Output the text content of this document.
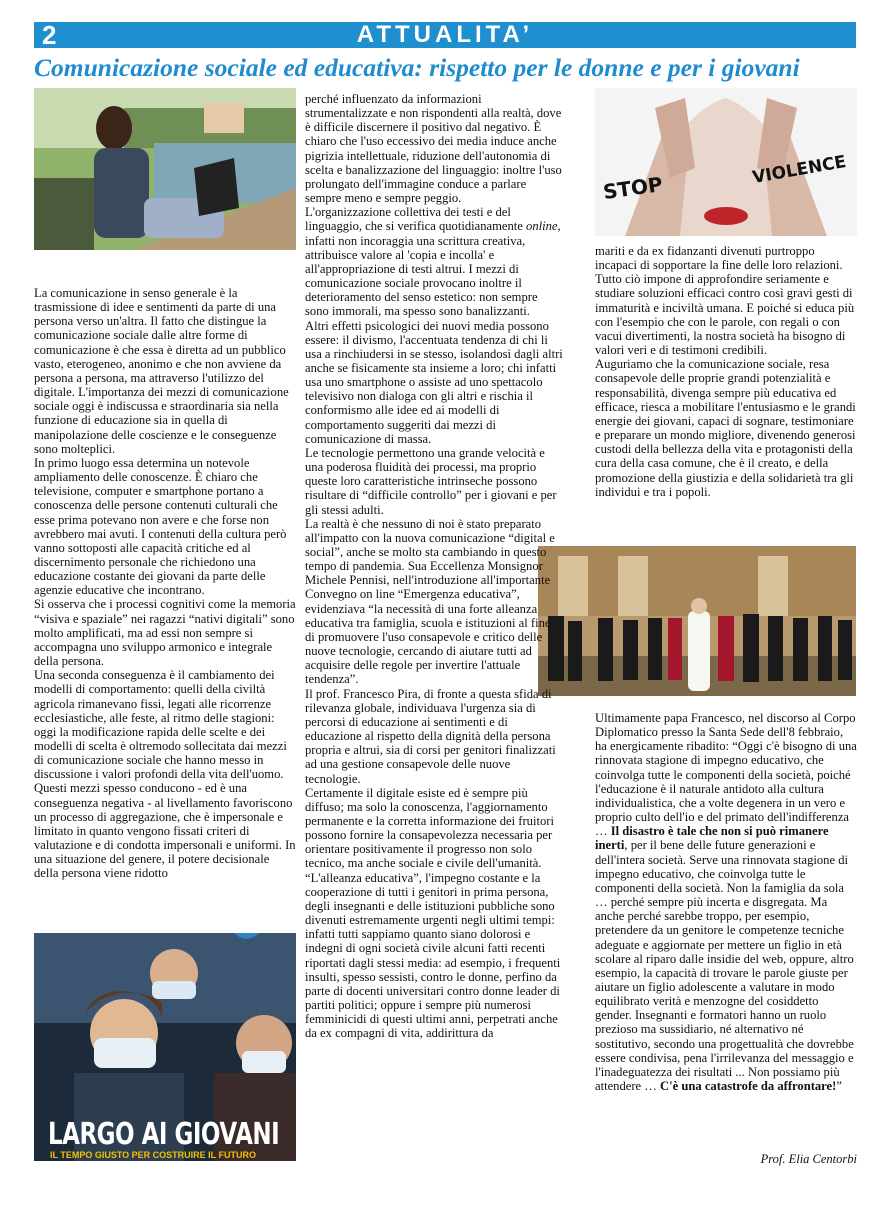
2	ATTUALITA’
Comunicazione sociale ed educativa: rispetto per le donne e per i giovani
STOP	VIOLENCE
LARGO AI GIOVANI
IL TEMPO GIUSTO PER COSTRUIRE IL FUTURO

La comunicazione in senso generale è la trasmissione di idee e sentimenti da parte di una persona verso un'altra. Il fatto che distingue la comunicazione sociale dalle altre forme di comunicazione è che essa è diretta ad un pubblico vasto, eterogeneo, anonimo e che non avviene da persona a persona, ma attraverso l'utilizzo del digitale. L'importanza dei mezzi di comunicazione sociale oggi è indiscussa e straordinaria sia nella funzione di educazione sia in quella di manipolazione delle coscienze e le conseguenze sono molteplici.
In primo luogo essa determina un notevole ampliamento delle conoscenze. È chiaro che televisione, computer e smartphone portano a conoscenza delle persone contenuti culturali che esse prima potevano non avere e che forse non avrebbero mai avuti. I contenuti della cultura però vanno sottoposti alle capacità critiche ed al discernimento personale che richiedono una educazione costante dei giovani da parte delle agenzie educative che incontrano.
Si osserva che i processi cognitivi come la memoria “visiva e spaziale” nei ragazzi “nativi digitali” sono molto amplificati, ma ad essi non sempre si accompagna uno sviluppo armonico e integrale della persona.
Una seconda conseguenza è il cambiamento dei modelli di comportamento: quelli della civiltà agricola rimanevano fissi, legati alle ricorrenze ecclesiastiche, alle feste, al ritmo delle stagioni: oggi la modificazione rapida delle scelte e dei modelli di scelta è oltremodo sollecitata dai mezzi di comunicazione sociale che hanno messo in discussione i valori profondi della vita dell'uomo. Questi mezzi spesso conducono - ed è una conseguenza negativa - al livellamento favoriscono un processo di aggregazione, che è impersonale e limitato in quanto vengono fissati criteri di valutazione e di condotta impersonali e uniformi. In una situazione del genere, il potere decisionale della persona viene ridotto

perché influenzato da informazioni strumentalizzate e non rispondenti alla realtà, dove è difficile discernere il positivo dal negativo. È chiaro che l'uso eccessivo dei media induce anche pigrizia intellettuale, riduzione dell'autonomia di scelta e banalizzazione del linguaggio: inoltre l'uso prolungato dell'immagine conduce a parlare sempre meno e sempre peggio.
L'organizzazione collettiva dei testi e del linguaggio, che si verifica quotidianamente online, infatti non incoraggia una scrittura creativa, attribuisce valore al 'copia e incolla' e all'appropriazione di testi altrui. I mezzi di comunicazione sociale provocano inoltre il deterioramento del senso estetico: non sempre sono immorali, ma spesso sono banalizzanti.
Altri effetti psicologici dei nuovi media possono essere: il divismo, l'accentuata tendenza di chi li usa a rinchiudersi in se stesso, isolandosi dagli altri anche se fisicamente sta insieme a loro; chi infatti usa uno smartphone o assiste ad uno spettacolo televisivo non dialoga con gli altri e rischia il conformismo alle idee ed ai modelli di comportamento suggeriti dai mezzi di comunicazione di massa.
Le tecnologie permettono una grande velocità e una poderosa fluidità dei processi, ma proprio queste loro caratteristiche intrinseche possono risultare di “difficile controllo” per i giovani e per gli stessi adulti.
La realtà è che nessuno di noi è stato preparato all'impatto con la nuova comunicazione “digital e social”, anche se molto sta cambiando in questo tempo di pandemia. Sua Eccellenza Monsignor Michele Pennisi, nell'introduzione all'importante Convegno on line “Emergenza educativa”, evidenziava “la necessità di una forte alleanza educativa tra famiglia, scuola e istituzioni al fine di promuovere l'uso consapevole e critico delle nuove tecnologie, cercando di aiutare tutti ad acquisire delle regole per invertire l'attuale tendenza”.
Il prof. Francesco Pira, di fronte a questa sfida di rilevanza globale, individuava l'urgenza sia di percorsi di educazione ai sentimenti e di educazione al rispetto della dignità della persona propria e altrui, sia di corsi per genitori finalizzati ad una gestione consapevole delle nuove tecnologie.
Certamente il digitale esiste ed è sempre più diffuso; ma solo la conoscenza, l'aggiornamento permanente e la corretta informazione dei fruitori possono fornire la consapevolezza necessaria per orientare positivamente il progresso non solo tecnico, ma anche sociale e civile dell'umanità.
“L'alleanza educativa”, l'impegno costante e la cooperazione di tutti i genitori in prima persona, degli insegnanti e delle istituzioni pubbliche sono divenuti estremamente urgenti negli ultimi tempi: infatti tutti sappiamo quanto siano dolorosi e indegni di ogni società civile alcuni fatti recenti riportati dagli stessi media: ad esempio, i frequenti insulti, spesso sessisti, contro le donne, perfino da parte di docenti universitari contro donne leader di partiti politici; oppure i sempre più numerosi femminicidi di questi ultimi anni, perpetrati anche da ex compagni di vita, addirittura da

mariti e da ex fidanzanti divenuti purtroppo incapaci di sopportare la fine delle loro relazioni. Tutto ciò impone di approfondire seriamente e studiare soluzioni efficaci contro così gravi gesti di immaturità e inciviltà umana. E poiché si educa più con l'esempio che con le parole, con regali o con vacui divertimenti, la nostra società ha bisogno di valori veri e di testimoni credibili.
Auguriamo che la comunicazione sociale, resa consapevole delle proprie grandi potenzialità e responsabilità, divenga sempre più educativa ed efficace, riesca a mobilitare l'entusiasmo e le grandi energie dei giovani, capaci di sognare, testimoniare e preparare un mondo migliore, divenendo generosi custodi della bellezza della vita e protagonisti della cura della casa comune, che è il creato, e della promozione della giustizia e della solidarietà tra gli individui e tra i popoli.

Ultimamente papa Francesco, nel discorso al Corpo Diplomatico presso la Santa Sede dell'8 febbraio, ha energicamente ribadito: “Oggi c'è bisogno di una rinnovata stagione di impegno educativo, che coinvolga tutte le componenti della società, poiché l'educazione è il naturale antidoto alla cultura individualistica, che a volte degenera in un vero e proprio culto dell'io e del primato dell'indifferenza … Il disastro è tale che non si può rimanere inerti, per il bene delle future generazioni e dell'intera società. Serve una rinnovata stagione di impegno educativo, che coinvolga tutte le componenti della società. Non la famiglia da sola … perché sempre più incerta e disgregata. Ma anche perché sarebbe troppo, per esempio, pretendere da un genitore le competenze tecniche adeguate e aggiornate per mettere un figlio in età scolare al riparo dalle insidie del web, oppure, altro esempio, la capacità di trovare le parole giuste per aiutare un figlio adolescente a valutare in modo equilibrato verità e menzogne del cosiddetto gender. Insegnanti e formatori hanno un ruolo prezioso ma sussidiario, né alternativo né sostitutivo, secondo una progettualità che dovrebbe essere condivisa, pena l'irrilevanza del messaggio e l'inadeguatezza dei risultati ... Non possiamo più attendere … C'è una catastrofe da affrontare!”
Prof. Elia Centorbi
